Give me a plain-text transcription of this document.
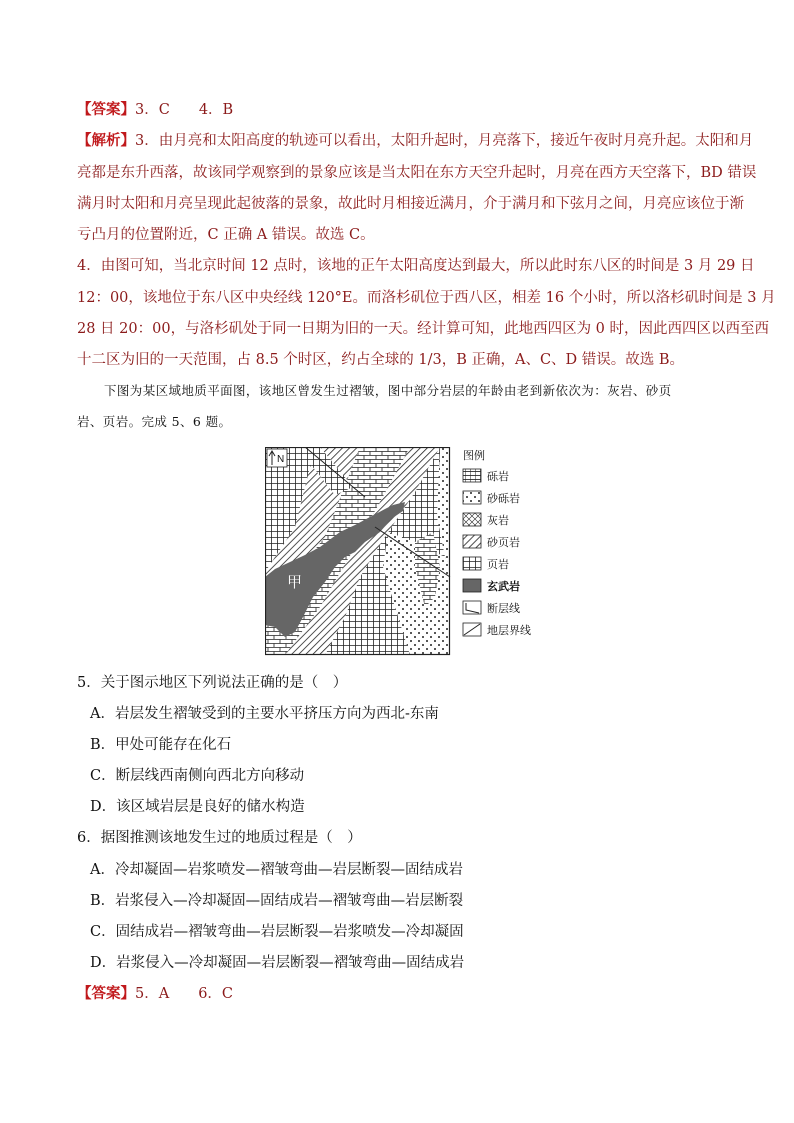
【答案】3．C　　4．B
【解析】3．由月亮和太阳高度的轨迹可以看出，太阳升起时，月亮落下，接近午夜时月亮升起。太阳和月
亮都是东升西落，故该同学观察到的景象应该是当太阳在东方天空升起时，月亮在西方天空落下，BD 错误
满月时太阳和月亮呈现此起彼落的景象，故此时月相接近满月，介于满月和下弦月之间，月亮应该位于渐
亏凸月的位置附近，C 正确 A 错误。故选 C。
4．由图可知，当北京时间 12 点时，该地的正午太阳高度达到最大，所以此时东八区的时间是 3 月 29 日
12：00，该地位于东八区中央经线 120°E。而洛杉矶位于西八区，相差 16 个小时，所以洛杉矶时间是 3 月
28 日 20：00，与洛杉矶处于同一日期为旧的一天。经计算可知，此地西四区为 0 时，因此西四区以西至西
十二区为旧的一天范围，占 8.5 个时区，约占全球的 1/3，B 正确，A、C、D 错误。故选 B。
下图为某区域地质平面图，该地区曾发生过褶皱，图中部分岩层的年龄由老到新依次为：灰岩、砂页
岩、页岩。完成 5、6 题。
N
甲
图例
砾岩
砂砾岩
灰岩
砂页岩
页岩
玄武岩
断层线
地层界线
5．关于图示地区下列说法正确的是（　）
A．岩层发生褶皱受到的主要水平挤压方向为西北-东南
B．甲处可能存在化石
C．断层线西南侧向西北方向移动
D．该区域岩层是良好的储水构造
6．据图推测该地发生过的地质过程是（　）
A．冷却凝固—岩浆喷发—褶皱弯曲—岩层断裂—固结成岩
B．岩浆侵入—冷却凝固—固结成岩—褶皱弯曲—岩层断裂
C．固结成岩—褶皱弯曲—岩层断裂—岩浆喷发—冷却凝固
D．岩浆侵入—冷却凝固—岩层断裂—褶皱弯曲—固结成岩
【答案】5．A　　6．C
